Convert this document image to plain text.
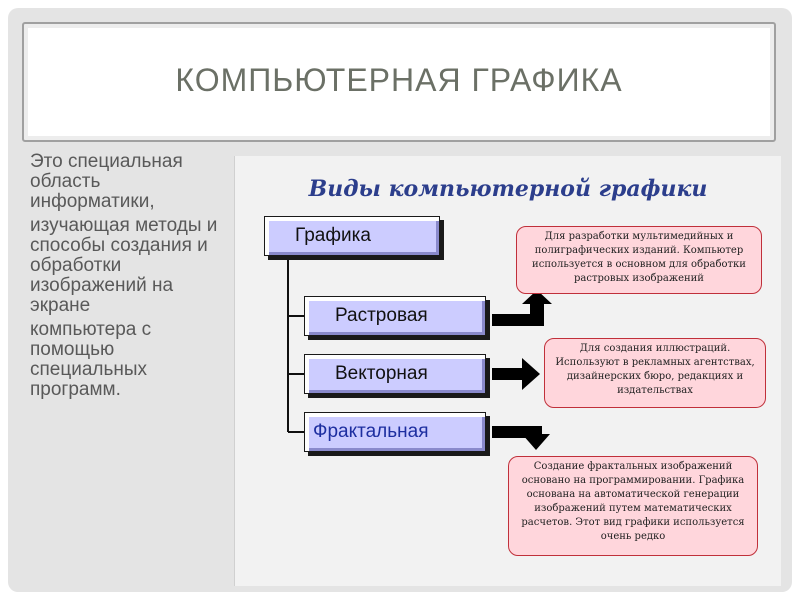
КОМПЬЮТЕРНАЯ ГРАФИКА

Это специальная область информатики,

изучающая методы и способы создания и обработки изображений на экране

компьютера с помощью специальных программ.

Виды компьютерной графики
Графика
Растровая
Векторная
Фрактальная
Для разработки мультимедийных и полиграфических изданий. Компьютер используется в основном для обработки растровых изображений
Для создания иллюстраций. Используют в рекламных агентствах, дизайнерских бюро, редакциях и издательствах
Создание фрактальных изображений основано на программировании. Графика основана на автоматической генерации изображений путем математических расчетов. Этот вид графики используется очень редко
